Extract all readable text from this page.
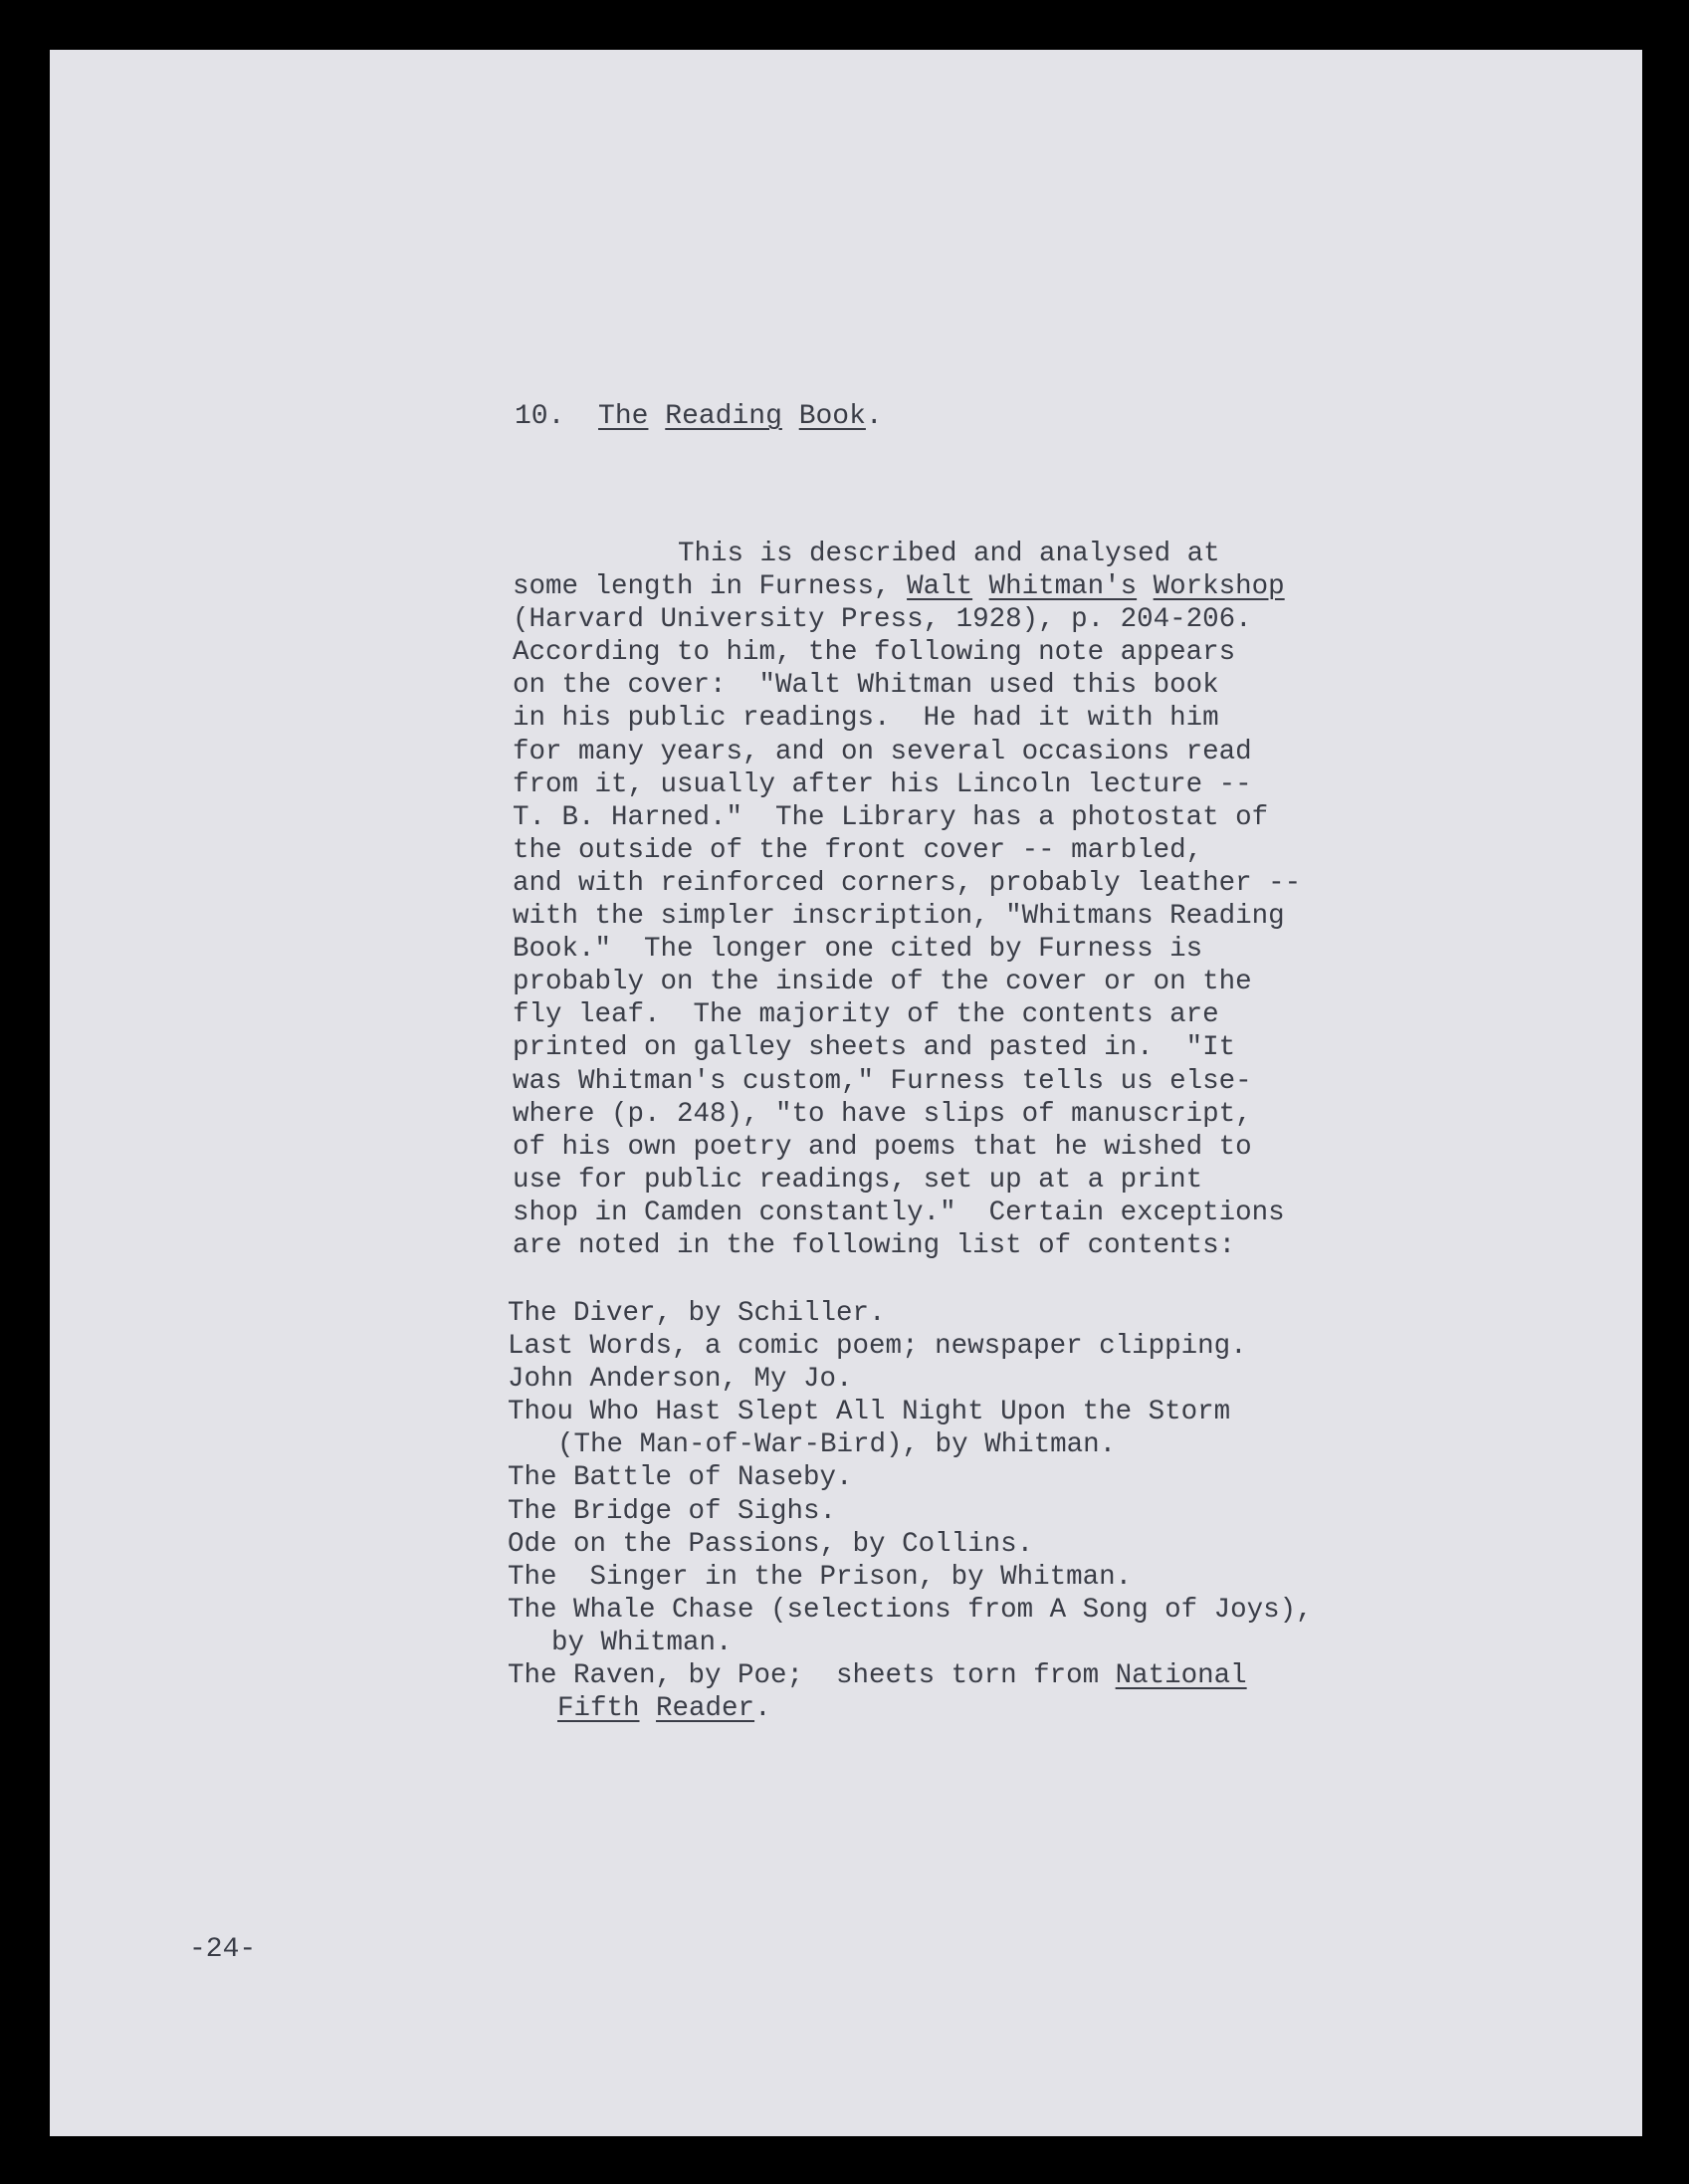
10. The Reading Book.
This is described and analysed at
some length in Furness, Walt Whitman's Workshop
(Harvard University Press, 1928), p. 204-206.
According to him, the following note appears
on the cover:  "Walt Whitman used this book
in his public readings.  He had it with him
for many years, and on several occasions read
from it, usually after his Lincoln lecture --
T. B. Harned."  The Library has a photostat of
the outside of the front cover -- marbled,
and with reinforced corners, probably leather --
with the simpler inscription, "Whitmans Reading
Book."  The longer one cited by Furness is
probably on the inside of the cover or on the
fly leaf.  The majority of the contents are
printed on galley sheets and pasted in.  "It
was Whitman's custom," Furness tells us else-
where (p. 248), "to have slips of manuscript,
of his own poetry and poems that he wished to
use for public readings, set up at a print
shop in Camden constantly."  Certain exceptions
are noted in the following list of contents:
The Diver, by Schiller.
Last Words, a comic poem; newspaper clipping.
John Anderson, My Jo.
Thou Who Hast Slept All Night Upon the Storm
(The Man-of-War-Bird), by Whitman.
The Battle of Naseby.
The Bridge of Sighs.
Ode on the Passions, by Collins.
The  Singer in the Prison, by Whitman.
The Whale Chase (selections from A Song of Joys),
by Whitman.
The Raven, by Poe;  sheets torn from National
Fifth Reader.
-24-
